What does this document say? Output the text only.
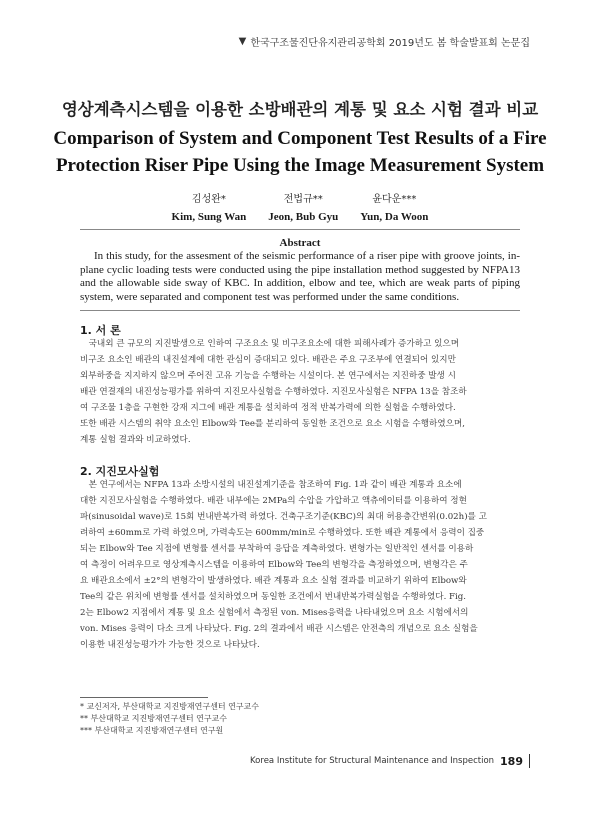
▼ 한국구조물진단유지관리공학회 2019년도 봄 학술발표회 논문집
영상계측시스템을 이용한 소방배관의 계통 및 요소 시험 결과 비교
Comparison of System and Component Test Results of a Fire Protection Riser Pipe Using the Image Measurement System
김성완*
Kim, Sung Wan
전법규**
Jeon, Bub Gyu
윤다운***
Yun, Da Woon
Abstract
In this study, for the assesment of the seismic performance of a riser pipe with groove joints, in-plane cyclic loading tests were conducted using the pipe installation method suggested by NFPA13 and the allowable side sway of KBC. In addition, elbow and tee, which are weak parts of piping system, were separated and component test was performed under the same conditions.
1. 서 론
　국내외 큰 규모의 지진발생으로 인하여 구조요소 및 비구조요소에 대한 피해사례가 증가하고 있으며
비구조 요소인 배관의 내진설계에 대한 관심이 증대되고 있다. 배관은 주요 구조부에 연결되어 있지만
외부하중을 지지하지 않으며 주어진 고유 기능을 수행하는 시설이다. 본 연구에서는 지진하중 발생 시
배관 연결재의 내진성능평가를 위하여 지진모사실험을 수행하였다. 지진모사실험은 NFPA 13을 참조하
여 구조물 1층을 구현한 강재 지그에 배관 계통을 설치하여 정적 반복가력에 의한 실험을 수행하였다.
또한 배관 시스템의 취약 요소인 Elbow와 Tee를 분리하여 동일한 조건으로 요소 시험을 수행하였으며,
계통 실험 결과와 비교하였다.
2. 지진모사실험
　본 연구에서는 NFPA 13과 소방시설의 내진설계기준을 참조하여 Fig. 1과 같이 배관 계통과 요소에
대한 지진모사실험을 수행하였다. 배관 내부에는 2MPa의 수압을 가압하고 액츄에이터를 이용하여 정현
파(sinusoidal wave)로 15회 번내반복가력 하였다. 건축구조기준(KBC)의 최대 허용층간변위(0.02h)를 고
려하여 ±60mm로 가력 하였으며, 가력속도는 600mm/min로 수행하였다. 또한 배관 계통에서 응력이 집중
되는 Elbow와 Tee 지점에 변형률 센서를 부착하여 응답을 계측하였다. 변형가는 일반적인 센서를 이용하
여 측정이 어려우므로 영상계측시스템을 이용하여 Elbow와 Tee의 변형각을 측정하였으며, 변형각은 주
요 배관요소에서 ±2°의 변형각이 발생하였다. 배관 계통과 요소 실험 결과를 비교하기 위하여 Elbow와
Tee의 같은 위치에 변형률 센서를 설치하였으며 동일한 조건에서 번내반복가력실험을 수행하였다. Fig.
2는 Elbow2 지점에서 계통 및 요소 실험에서 측정된 von. Mises응력을 나타내었으며 요소 시험에서의
von. Mises 응력이 다소 크게 나타났다. Fig. 2의 결과에서 배관 시스템은 안전측의 개념으로 요소 실험을
이용한 내진성능평가가 가능한 것으로 나타났다.
* 교신저자, 부산대학교 지진방재연구센터 연구교수
** 부산대학교 지진방재연구센터 연구교수
*** 부산대학교 지진방재연구센터 연구원
Korea Institute for Structural Maintenance and Inspection 189
